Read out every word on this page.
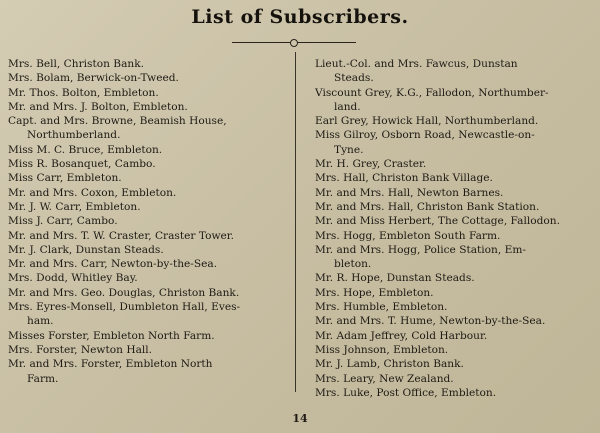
List of Subscribers.
Mrs. Bell, Christon Bank.
Mrs. Bolam, Berwick-on-Tweed.
Mr. Thos. Bolton, Embleton.
Mr. and Mrs. J. Bolton, Embleton.
Capt. and Mrs. Browne, Beamish House,
Northumberland.
Miss M. C. Bruce, Embleton.
Miss R. Bosanquet, Cambo.
Miss Carr, Embleton.
Mr. and Mrs. Coxon, Embleton.
Mr. J. W. Carr, Embleton.
Miss J. Carr, Cambo.
Mr. and Mrs. T. W. Craster, Craster Tower.
Mr. J. Clark, Dunstan Steads.
Mr. and Mrs. Carr, Newton-by-the-Sea.
Mrs. Dodd, Whitley Bay.
Mr. and Mrs. Geo. Douglas, Christon Bank.
Mrs. Eyres-Monsell, Dumbleton Hall, Eves-
ham.
Misses Forster, Embleton North Farm.
Mrs. Forster, Newton Hall.
Mr. and Mrs. Forster, Embleton North
Farm.
Lieut.-Col. and Mrs. Fawcus, Dunstan
Steads.
Viscount Grey, K.G., Fallodon, Northumber-
land.
Earl Grey, Howick Hall, Northumberland.
Miss Gilroy, Osborn Road, Newcastle-on-
Tyne.
Mr. H. Grey, Craster.
Mrs. Hall, Christon Bank Village.
Mr. and Mrs. Hall, Newton Barnes.
Mr. and Mrs. Hall, Christon Bank Station.
Mr. and Miss Herbert, The Cottage, Fallodon.
Mrs. Hogg, Embleton South Farm.
Mr. and Mrs. Hogg, Police Station, Em-
bleton.
Mr. R. Hope, Dunstan Steads.
Mrs. Hope, Embleton.
Mrs. Humble, Embleton.
Mr. and Mrs. T. Hume, Newton-by-the-Sea.
Mr. Adam Jeffrey, Cold Harbour.
Miss Johnson, Embleton.
Mr. J. Lamb, Christon Bank.
Mrs. Leary, New Zealand.
Mrs. Luke, Post Office, Embleton.
14
